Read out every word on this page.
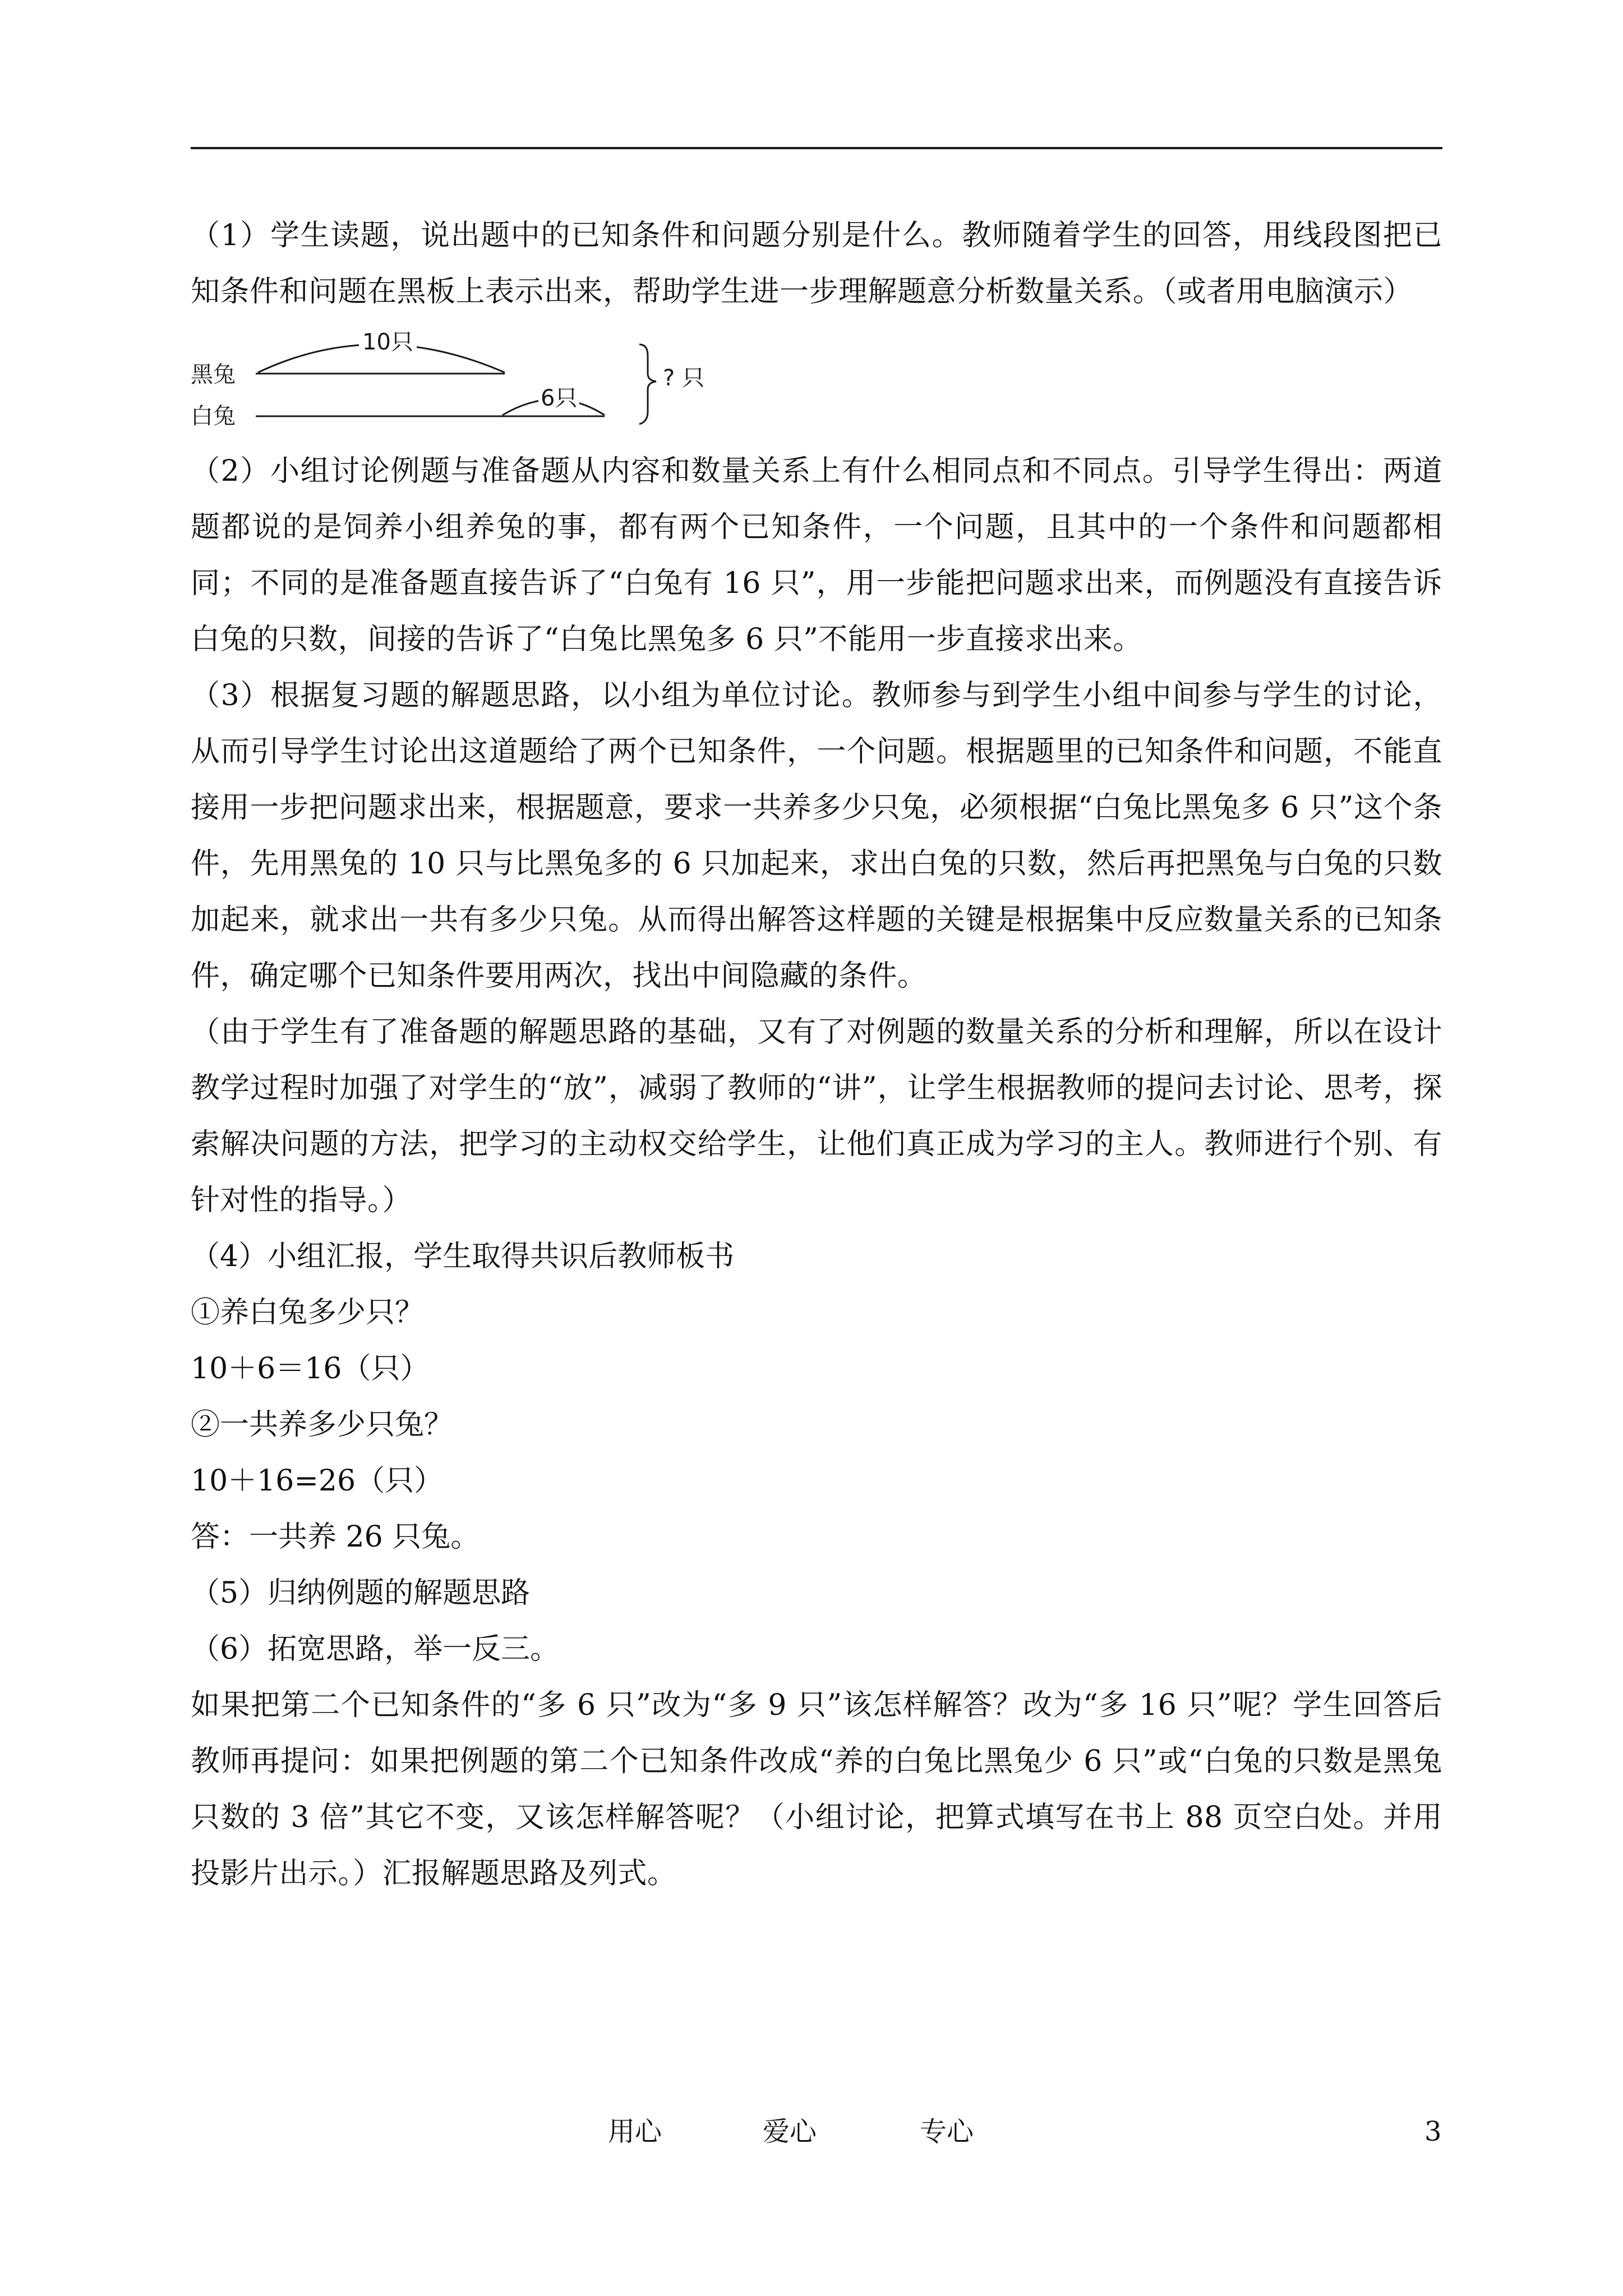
（1）学生读题，说出题中的已知条件和问题分别是什么。教师随着学生的回答，用线段图把已知条件和问题在黑板上表示出来，帮助学生进一步理解题意分析数量关系。（或者用电脑演示）

黑兔
白兔
10只
6只
? 只

（2）小组讨论例题与准备题从内容和数量关系上有什么相同点和不同点。引导学生得出：两道题都说的是饲养小组养兔的事，都有两个已知条件，一个问题，且其中的一个条件和问题都相同；不同的是准备题直接告诉了“白兔有 16 只”，用一步能把问题求出来，而例题没有直接告诉白兔的只数，间接的告诉了“白兔比黑兔多 6 只”不能用一步直接求出来。

（3）根据复习题的解题思路，以小组为单位讨论。教师参与到学生小组中间参与学生的讨论，从而引导学生讨论出这道题给了两个已知条件，一个问题。根据题里的已知条件和问题，不能直接用一步把问题求出来，根据题意，要求一共养多少只兔，必须根据“白兔比黑兔多 6 只”这个条件，先用黑兔的 10 只与比黑兔多的 6 只加起来，求出白兔的只数，然后再把黑兔与白兔的只数加起来，就求出一共有多少只兔。从而得出解答这样题的关键是根据集中反应数量关系的已知条件，确定哪个已知条件要用两次，找出中间隐藏的条件。

（由于学生有了准备题的解题思路的基础，又有了对例题的数量关系的分析和理解，所以在设计教学过程时加强了对学生的“放”，减弱了教师的“讲”，让学生根据教师的提问去讨论、思考，探索解决问题的方法，把学习的主动权交给学生，让他们真正成为学习的主人。教师进行个别、有针对性的指导。）

（4）小组汇报，学生取得共识后教师板书

①养白兔多少只？

10＋6＝16（只）

②一共养多少只兔？

10＋16=26（只）

答：一共养 26 只兔。

（5）归纳例题的解题思路

（6）拓宽思路，举一反三。

如果把第二个已知条件的“多 6 只”改为“多 9 只”该怎样解答？改为“多 16 只”呢？学生回答后教师再提问：如果把例题的第二个已知条件改成“养的白兔比黑兔少 6 只”或“白兔的只数是黑兔只数的 3 倍”其它不变，又该怎样解答呢？（小组讨论，把算式填写在书上 88 页空白处。并用投影片出示。）汇报解题思路及列式。

用心	爱心	专心	3
